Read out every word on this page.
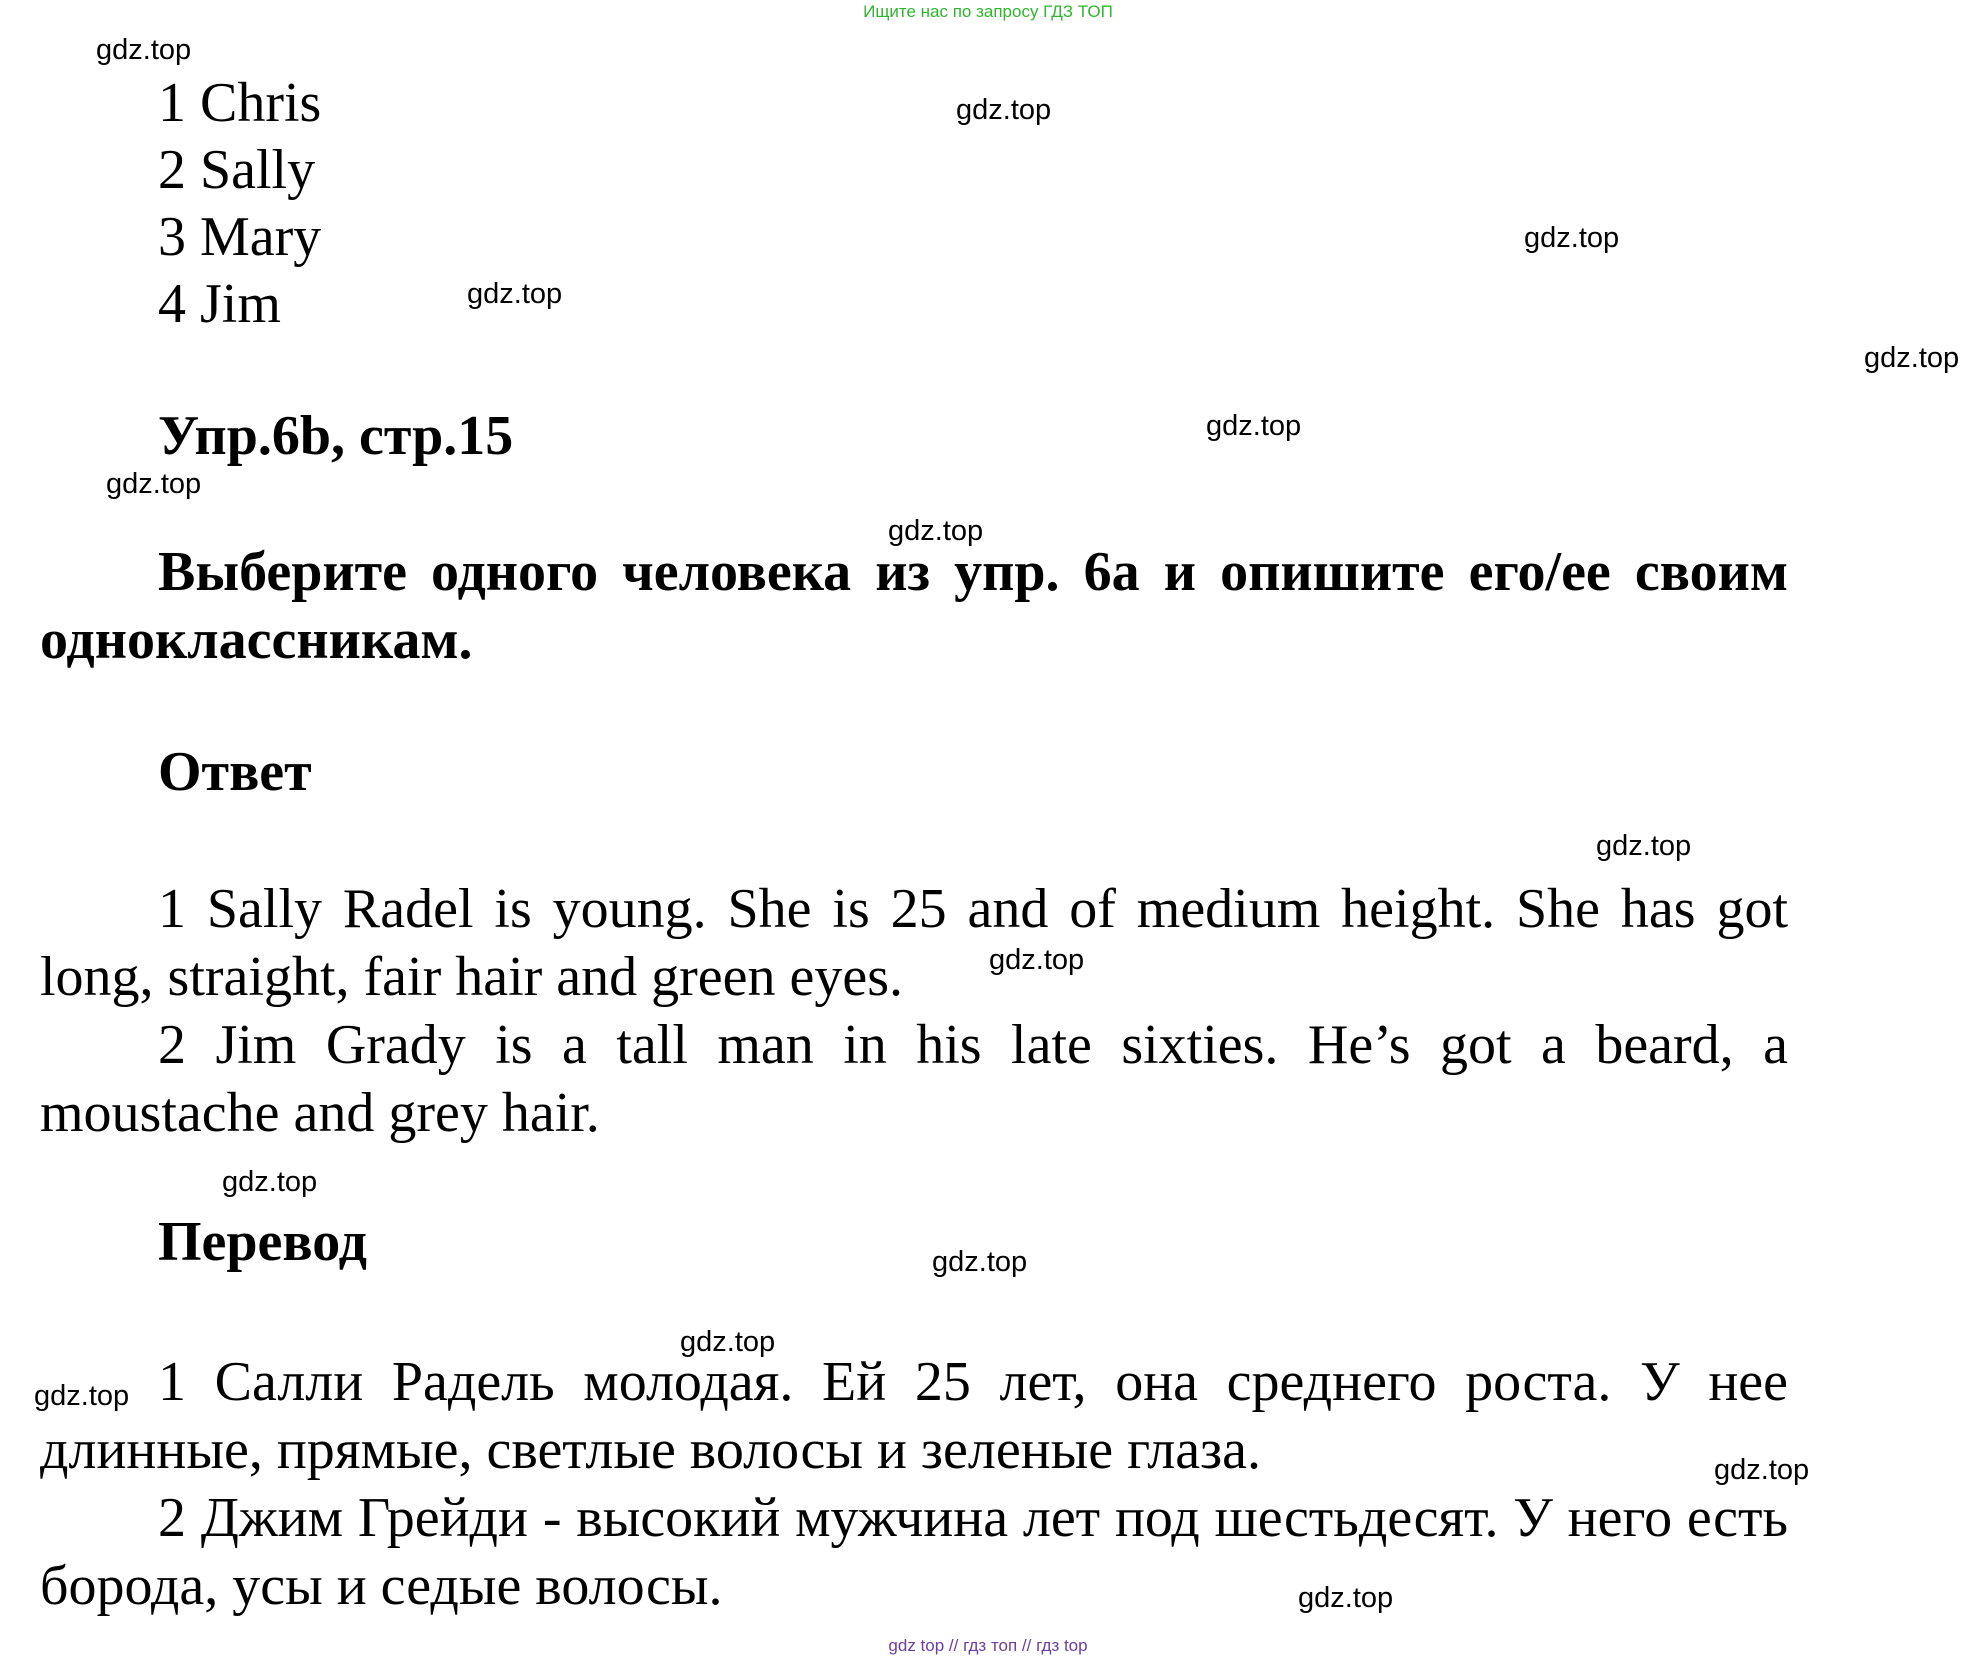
Ищите нас по запросу ГДЗ ТОП

1 Chris
2 Sally
3 Mary
4 Jim
Упр.6b, стр.15

Выберите одного человека из упр. 6а и опишите его/ее своим одноклассникам.

Ответ

1 Sally Radel is young. She is 25 and of medium height. She has got long, straight, fair hair and green eyes.

2 Jim Grady is a tall man in his late sixties. He’s got a beard, a moustache and grey hair.

Перевод

1 Салли Радель молодая. Ей 25 лет, она среднего роста. У нее длинные, прямые, светлые волосы и зеленые глаза.

2 Джим Грейди - высокий мужчина лет под шестьдесят. У него есть борода, усы и седые волосы.

gdz.top
gdz.top
gdz.top
gdz.top
gdz.top
gdz.top
gdz.top
gdz.top
gdz.top
gdz.top
gdz.top
gdz.top
gdz.top
gdz.top
gdz.top
gdz.top

gdz top // гдз топ // гдз top
